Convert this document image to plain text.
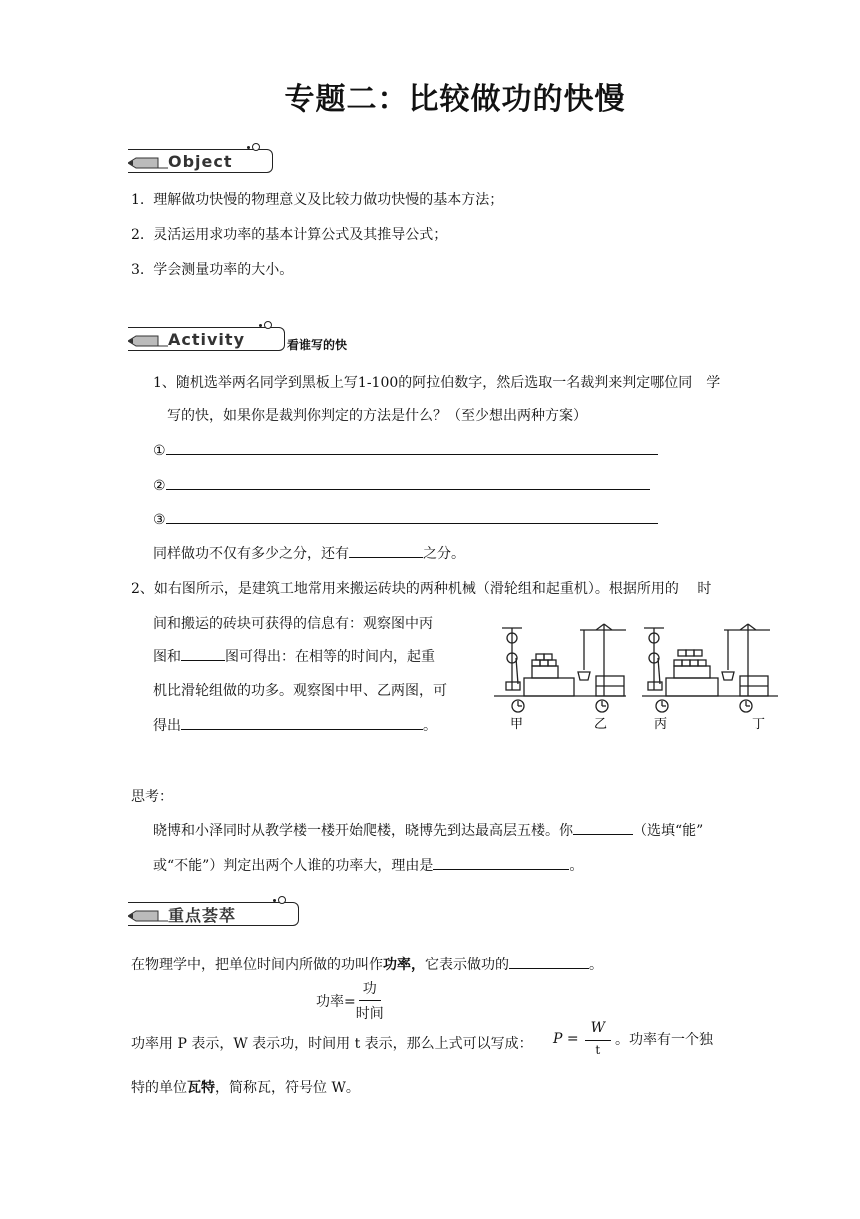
专题二：比较做功的快慢
Object
1. 理解做功快慢的物理意义及比较力做功快慢的基本方法；
2. 灵活运用求功率的基本计算公式及其推导公式；
3. 学会测量功率的大小。
Activity	看谁写的快
1、随机选举两名同学到黑板上写1-100的阿拉伯数字，然后选取一名裁判来判定哪位同　学
写的快，如果你是裁判你判定的方法是什么？（至少想出两种方案）
①
②
③
同样做功不仅有多少之分，还有	之分。
2、如右图所示，是建筑工地常用来搬运砖块的两种机械（滑轮组和起重机）。根据所用的　 时
间和搬运的砖块可获得的信息有：观察图中丙
图和	图可得出：在相等的时间内，起重
机比滑轮组做的功多。观察图中甲、乙两图，可
得出	。	甲	乙	丙	丁
思考：
晓博和小泽同时从教学楼一楼开始爬楼，晓博先到达最高层五楼。你	（选填“能”
或“不能”）判定出两个人谁的功率大，理由是	。
重点荟萃
在物理学中，把单位时间内所做的功叫作功率，它表示做功的	。
功率= $\frac{\text{功}}{\text{时间}}$
功率用 P 表示，W 表示功，时间用 t 表示，那么上式可以写成： $P = \frac{W}{t}$ 。功率有一个独
特的单位瓦特，简称瓦，符号位 W。
